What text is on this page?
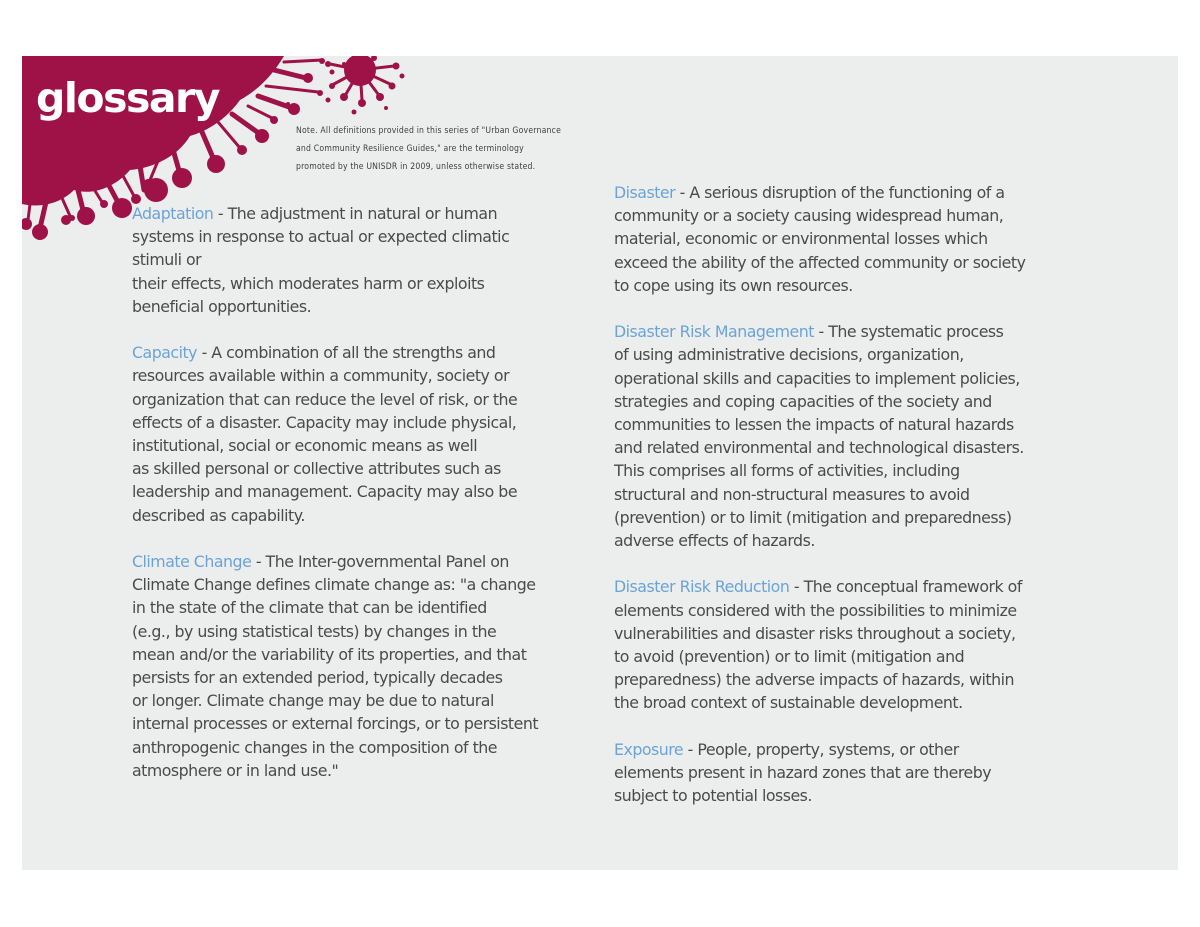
glossary
Note. All definitions provided in this series of "Urban Governance
and Community Resilience Guides," are the terminology
promoted by the UNISDR in 2009, unless otherwise stated.

Adaptation - The adjustment in natural or human
systems in response to actual or expected climatic
stimuli or
their effects, which moderates harm or exploits
beneficial opportunities.

Capacity - A combination of all the strengths and
resources available within a community, society or
organization that can reduce the level of risk, or the
effects of a disaster. Capacity may include physical,
institutional, social or economic means as well
as skilled personal or collective attributes such as
leadership and management. Capacity may also be
described as capability.

Climate Change - The Inter-governmental Panel on
Climate Change defines climate change as: "a change
in the state of the climate that can be identified
(e.g., by using statistical tests) by changes in the
mean and/or the variability of its properties, and that
persists for an extended period, typically decades
or longer. Climate change may be due to natural
internal processes or external forcings, or to persistent
anthropogenic changes in the composition of the
atmosphere or in land use."

Disaster - A serious disruption of the functioning of a
community or a society causing widespread human,
material, economic or environmental losses which
exceed the ability of the affected community or society
to cope using its own resources.

Disaster Risk Management - The systematic process
of using administrative decisions, organization,
operational skills and capacities to implement policies,
strategies and coping capacities of the society and
communities to lessen the impacts of natural hazards
and related environmental and technological disasters.
This comprises all forms of activities, including
structural and non-structural measures to avoid
(prevention) or to limit (mitigation and preparedness)
adverse effects of hazards.

Disaster Risk Reduction - The conceptual framework of
elements considered with the possibilities to minimize
vulnerabilities and disaster risks throughout a society,
to avoid (prevention) or to limit (mitigation and
preparedness) the adverse impacts of hazards, within
the broad context of sustainable development.

Exposure - People, property, systems, or other
elements present in hazard zones that are thereby
subject to potential losses.
